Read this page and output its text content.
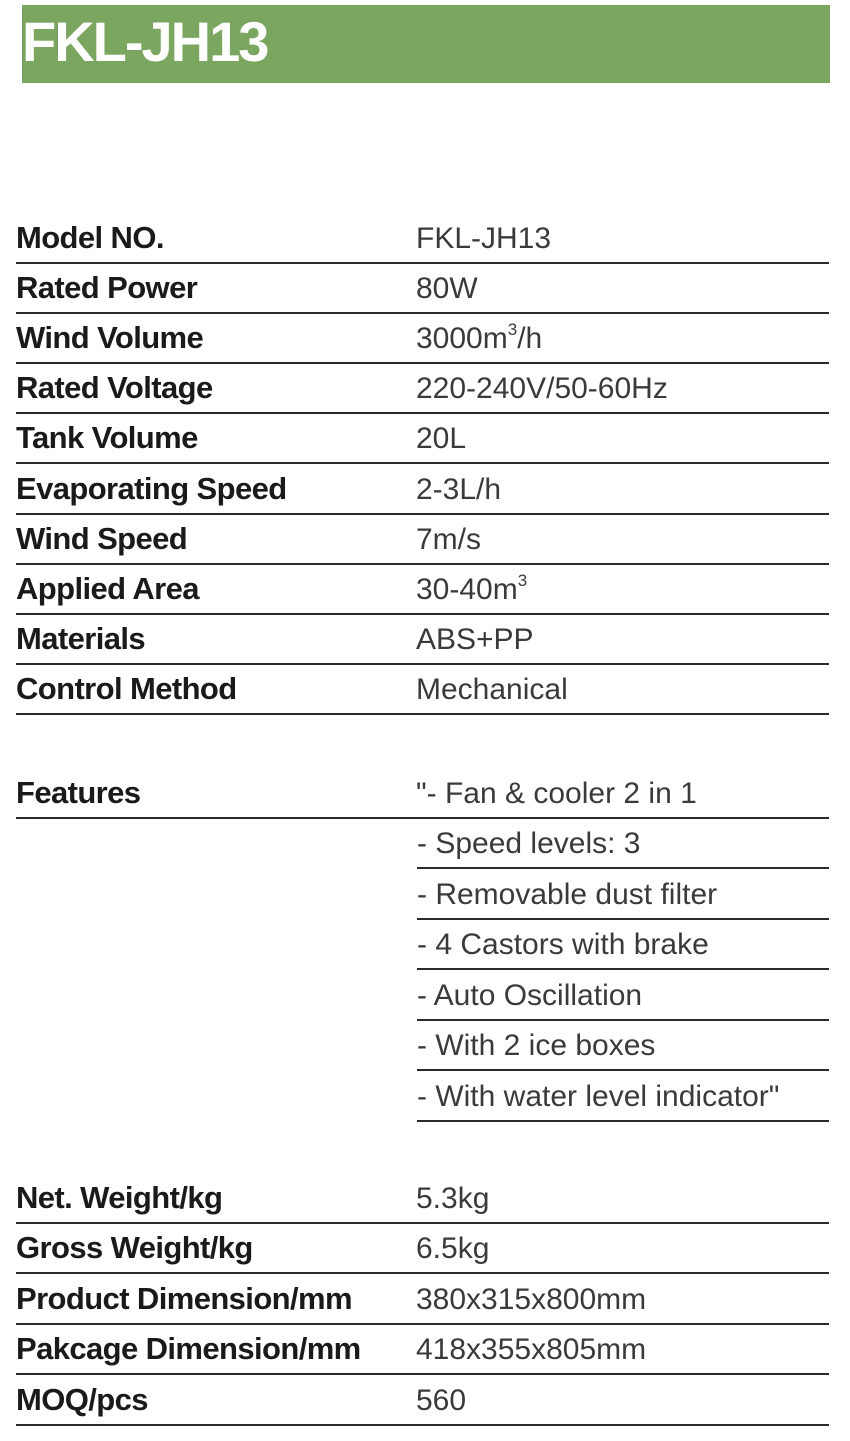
FKL-JH13
Model NO.	FKL-JH13
Rated Power	80W
Wind Volume	$3000m^3/h$
Rated Voltage	220-240V/50-60Hz
Tank Volume	20L
Evaporating Speed	2-3L/h
Wind Speed	7m/s
Applied Area	$30-40m^3$
Materials	ABS+PP
Control Method	Mechanical
Features	"- Fan & cooler 2 in 1
- Speed levels: 3
- Removable dust filter
- 4 Castors with brake
- Auto Oscillation
- With 2 ice boxes
- With water level indicator"
Net. Weight/kg	5.3kg
Gross Weight/kg	6.5kg
Product Dimension/mm 380x315x800mm
Pakcage Dimension/mm 418x355x805mm
MOQ/pcs	560
